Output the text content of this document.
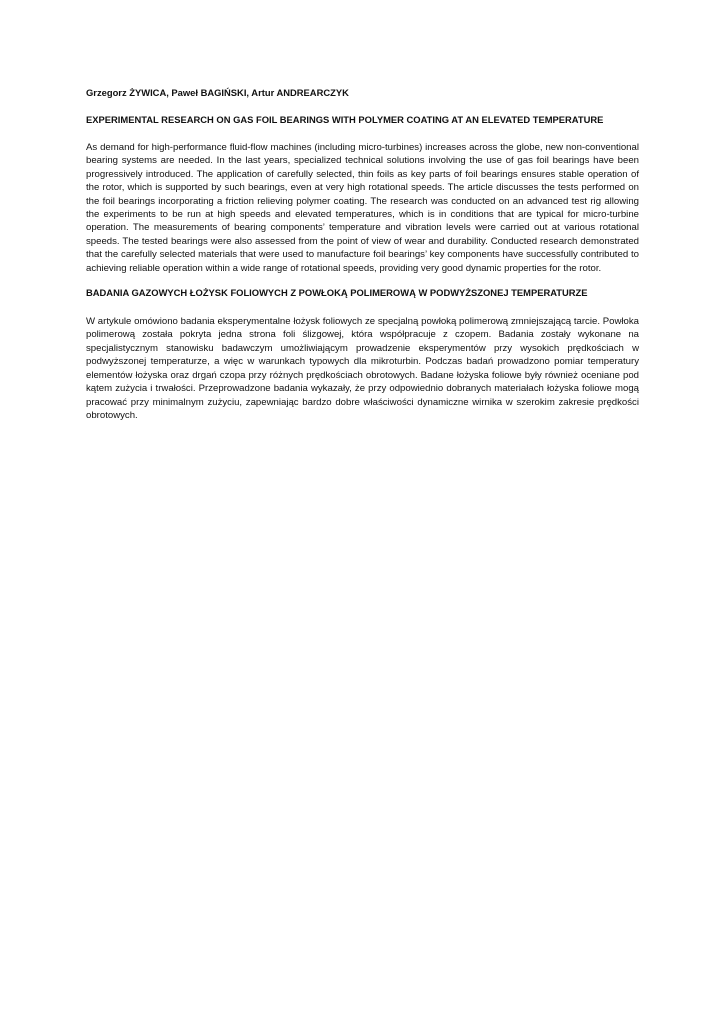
Grzegorz ŻYWICA, Paweł BAGIŃSKI, Artur ANDREARCZYK

EXPERIMENTAL RESEARCH ON GAS FOIL BEARINGS WITH POLYMER COATING AT AN ELEVATED TEMPERATURE

As demand for high-performance fluid-flow machines (including micro-turbines) increases across the globe, new non-conventional bearing systems are needed. In the last years, specialized technical solutions involving the use of gas foil bearings have been progressively introduced. The application of carefully selected, thin foils as key parts of foil bearings ensures stable operation of the rotor, which is supported by such bearings, even at very high rotational speeds. The article discusses the tests performed on the foil bearings incorporating a friction relieving polymer coating. The research was conducted on an advanced test rig allowing the experiments to be run at high speeds and elevated temperatures, which is in conditions that are typical for micro-turbine operation. The measurements of bearing components’ temperature and vibration levels were carried out at various rotational speeds. The tested bearings were also assessed from the point of view of wear and durability. Conducted research demonstrated that the carefully selected materials that were used to manufacture foil bearings’ key components have successfully contributed to achieving reliable operation within a wide range of rotational speeds, providing very good dynamic properties for the rotor.

BADANIA GAZOWYCH ŁOŻYSK FOLIOWYCH Z POWŁOKĄ POLIMEROWĄ W PODWYŻSZONEJ TEMPERATURZE

W artykule omówiono badania eksperymentalne łożysk foliowych ze specjalną powłoką polimerową zmniejszającą tarcie. Powłoka polimerową została pokryta jedna strona foli ślizgowej, która współpracuje z czopem. Badania zostały wykonane na specjalistycznym stanowisku badawczym umożliwiającym prowadzenie eksperymentów przy wysokich prędkościach w podwyższonej temperaturze, a więc w warunkach typowych dla mikroturbin. Podczas badań prowadzono pomiar temperatury elementów łożyska oraz drgań czopa przy różnych prędkościach obrotowych. Badane łożyska foliowe były również oceniane pod kątem zużycia i trwałości. Przeprowadzone badania wykazały, że przy odpowiednio dobranych materiałach łożyska foliowe mogą pracować przy minimalnym zużyciu, zapewniając bardzo dobre właściwości dynamiczne wirnika w szerokim zakresie prędkości obrotowych.
